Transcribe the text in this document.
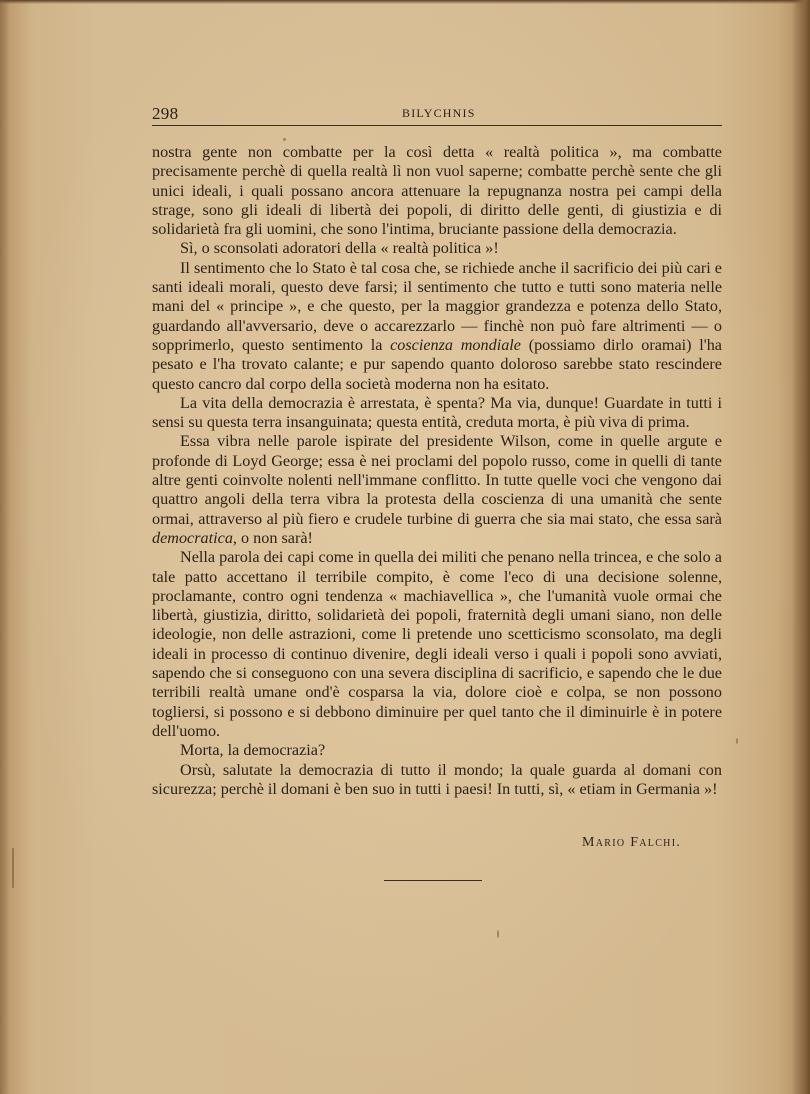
298	BILYCHNIS

nostra gente non combatte per la così detta « realtà politica », ma combatte precisamente perchè di quella realtà lì non vuol saperne; combatte perchè sente che gli unici ideali, i quali possano ancora attenuare la repugnanza nostra pei campi della strage, sono gli ideali di libertà dei popoli, di diritto delle genti, di giustizia e di solidarietà fra gli uomini, che sono l'intima, bruciante passione della democrazia.

Sì, o sconsolati adoratori della « realtà politica »!

Il sentimento che lo Stato è tal cosa che, se richiede anche il sacrificio dei più cari e santi ideali morali, questo deve farsi; il sentimento che tutto e tutti sono materia nelle mani del « principe », e che questo, per la maggior grandezza e potenza dello Stato, guardando all'avversario, deve o accarezzarlo — finchè non può fare altrimenti — o sopprimerlo, questo sentimento la coscienza mondiale (possiamo dirlo oramai) l'ha pesato e l'ha trovato calante; e pur sapendo quanto doloroso sarebbe stato rescindere questo cancro dal corpo della società moderna non ha esitato.

La vita della democrazia è arrestata, è spenta? Ma via, dunque! Guardate in tutti i sensi su questa terra insanguinata; questa entità, creduta morta, è più viva di prima.

Essa vibra nelle parole ispirate del presidente Wilson, come in quelle argute e profonde di Loyd George; essa è nei proclami del popolo russo, come in quelli di tante altre genti coinvolte nolenti nell'immane conflitto. In tutte quelle voci che vengono dai quattro angoli della terra vibra la protesta della coscienza di una umanità che sente ormai, attraverso al più fiero e crudele turbine di guerra che sia mai stato, che essa sarà democratica, o non sarà!

Nella parola dei capi come in quella dei militi che penano nella trincea, e che solo a tale patto accettano il terribile compito, è come l'eco di una decisione solenne, proclamante, contro ogni tendenza « machiavellica », che l'umanità vuole ormai che libertà, giustizia, diritto, solidarietà dei popoli, fraternità degli umani siano, non delle ideologie, non delle astrazioni, come li pretende uno scetticismo sconsolato, ma degli ideali in processo di continuo divenire, degli ideali verso i quali i popoli sono avviati, sapendo che si conseguono con una severa disciplina di sacrificio, e sapendo che le due terribili realtà umane ond'è cosparsa la via, dolore cioè e colpa, se non possono togliersi, si possono e si debbono diminuire per quel tanto che il diminuirle è in potere dell'uomo.

Morta, la democrazia?

Orsù, salutate la democrazia di tutto il mondo; la quale guarda al domani con sicurezza; perchè il domani è ben suo in tutti i paesi! In tutti, sì, « etiam in Germania »!

Mario Falchi.
